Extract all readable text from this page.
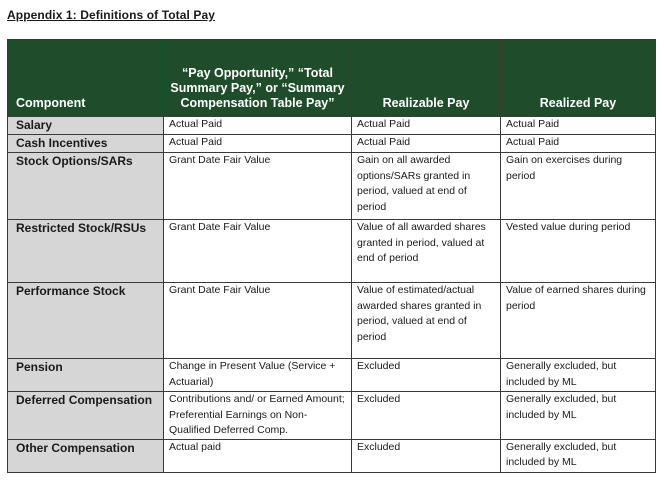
Appendix 1: Definitions of Total Pay
Component	“Pay Opportunity,” “Total Summary Pay,” or “Summary Compensation Table Pay”	Realizable Pay	Realized Pay
Salary	Actual Paid	Actual Paid	Actual Paid
Cash Incentives	Actual Paid	Actual Paid	Actual Paid
Stock Options/SARs	Grant Date Fair Value	Gain on all awarded options/SARs granted in period, valued at end of period	Gain on exercises during period
Restricted Stock/RSUs	Grant Date Fair Value	Value of all awarded shares granted in period, valued at end of period	Vested value during period
Performance Stock	Grant Date Fair Value	Value of estimated/actual awarded shares granted in period, valued at end of period	Value of earned shares during period
Pension	Change in Present Value (Service + Actuarial)	Excluded	Generally excluded, but included by ML
Deferred Compensation	Contributions and/ or Earned Amount; Preferential Earnings on Non-Qualified Deferred Comp.	Excluded	Generally excluded, but included by ML
Other Compensation	Actual paid	Excluded	Generally excluded, but included by ML
